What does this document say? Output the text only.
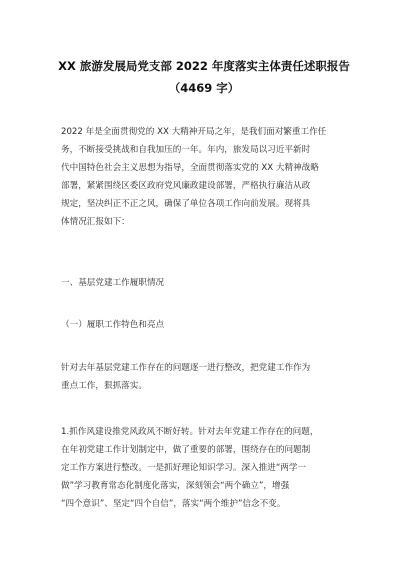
XX 旅游发展局党支部 2022 年度落实主体责任述职报告
（4469 字）
2022 年是全面贯彻党的 XX 大精神开局之年，是我们面对繁重工作任
务，不断接受挑战和自我加压的一年。年内，旅发局以习近平新时
代中国特色社会主义思想为指导，全面贯彻落实党的 XX 大精神战略
部署，紧紧围绕区委区政府党风廉政建设部署，严格执行廉洁从政
规定，坚决纠正不正之风，确保了单位各项工作向前发展。现将具
体情况汇报如下：
一、基层党建工作履职情况
（一）履职工作特色和亮点
针对去年基层党建工作存在的问题逐一进行整改，把党建工作作为
重点工作，狠抓落实。
1.抓作风建设推党风政风不断好转。针对去年党建工作存在的问题，
在年初党建工作计划制定中，做了重要的部署，围绕存在的问题制
定工作方案进行整改。一是抓好理论知识学习。深入推进“两学一
做”学习教育常态化制度化落实，深刻领会“两个确立”，增强
“四个意识”、坚定“四个自信”，落实“两个维护”信念不变。
